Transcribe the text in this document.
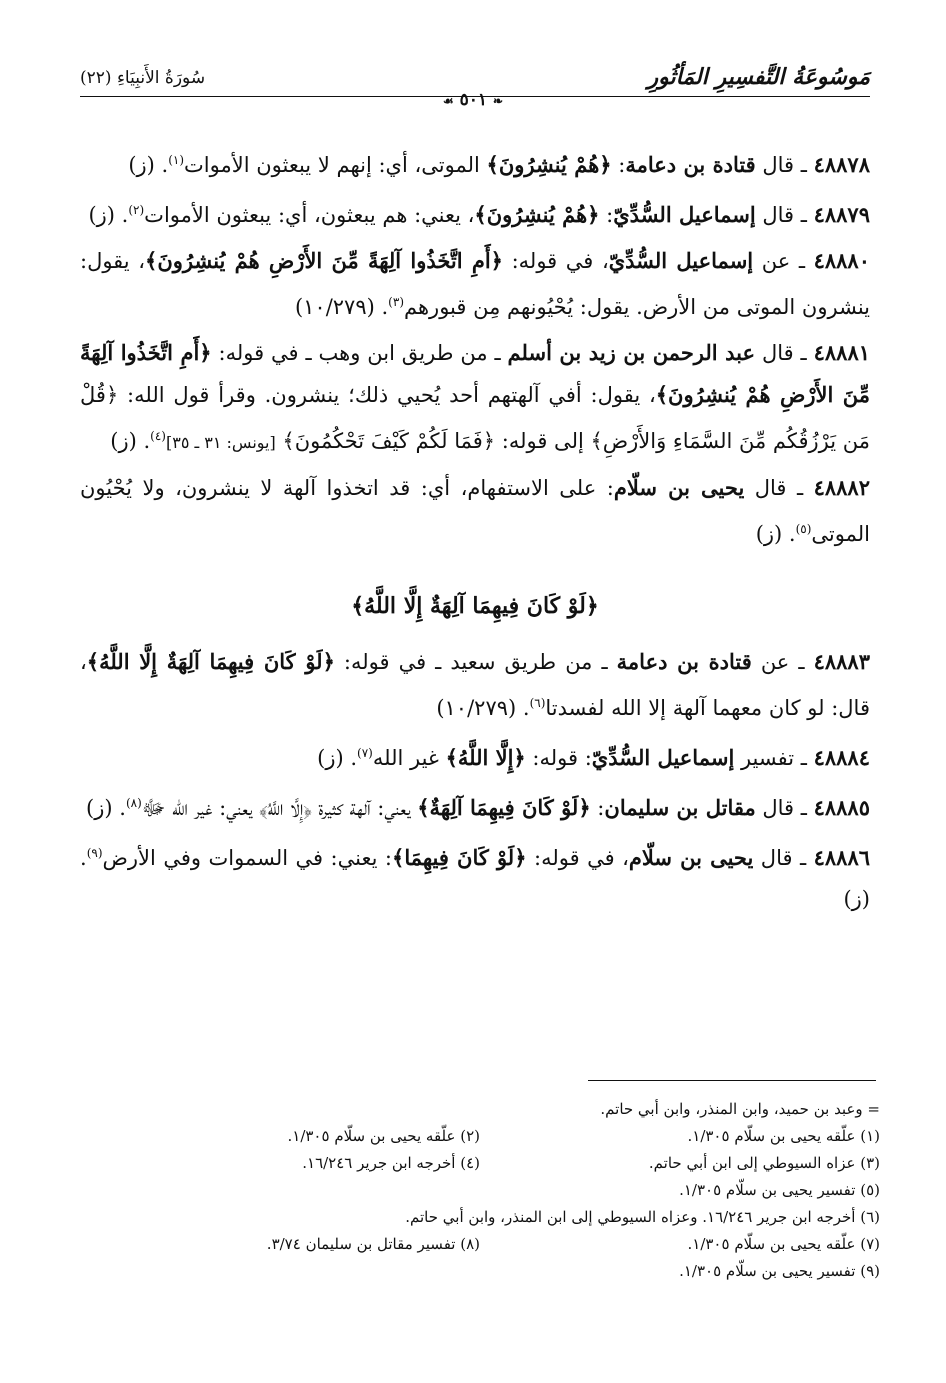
مَوسُوعَةُ التَّفسِيرِ المَأثُورِ
سُورَةُ الأَنبِيَاءِ (٢٢)
❧٥٠١☙

٤٨٨٧٨ ـ قال قتادة بن دعامة: ﴿هُمْ يُنشِرُونَ﴾ الموتى، أي: إنهم لا يبعثون الأموات$^{(١)}$. (ز)

٤٨٨٧٩ ـ قال إسماعيل السُّدِّيّ: ﴿هُمْ يُنشِرُونَ﴾، يعني: هم يبعثون، أي: يبعثون الأموات$^{(٢)}$. (ز)

٤٨٨٨٠ ـ عن إسماعيل السُّدِّيّ، في قوله: ﴿أَمِ اتَّخَذُوا آلِهَةً مِّنَ الأَرْضِ هُمْ يُنشِرُونَ﴾، يقول: ينشرون الموتى من الأرض. يقول: يُحْيُونهم مِن قبورهم$^{(٣)}$. (١٠/٢٧٩)

٤٨٨٨١ ـ قال عبد الرحمن بن زيد بن أسلم ـ من طريق ابن وهب ـ في قوله: ﴿أَمِ اتَّخَذُوا آلِهَةً مِّنَ الأَرْضِ هُمْ يُنشِرُونَ﴾، يقول: أفي آلهتهم أحد يُحيي ذلك؛ ينشرون. وقرأ قول الله: ﴿قُلْ مَن يَرْزُقُكُم مِّنَ السَّمَاءِ وَالأَرْضِ﴾ إلى قوله: ﴿فَمَا لَكُمْ كَيْفَ تَحْكُمُونَ﴾ [يونس: ٣١ ـ ٣٥]$^{(٤)}$. (ز)

٤٨٨٨٢ ـ قال يحيى بن سلّام: على الاستفهام، أي: قد اتخذوا آلهة لا ينشرون، ولا يُحْيُون الموتى$^{(٥)}$. (ز)

﴿لَوْ كَانَ فِيهِمَا آلِهَةٌ إِلَّا اللَّهُ﴾

٤٨٨٨٣ ـ عن قتادة بن دعامة ـ من طريق سعيد ـ في قوله: ﴿لَوْ كَانَ فِيهِمَا آلِهَةٌ إِلَّا اللَّهُ﴾، قال: لو كان معهما آلهة إلا الله لفسدتا$^{(٦)}$. (١٠/٢٧٩)

٤٨٨٨٤ ـ تفسير إسماعيل السُّدِّيّ: قوله: ﴿إِلَّا اللَّهُ﴾ غير الله$^{(٧)}$. (ز)

٤٨٨٨٥ ـ قال مقاتل بن سليمان: ﴿لَوْ كَانَ فِيهِمَا آلِهَةٌ﴾ يعني: آلهة كثيرة ﴿إِلَّا اللَّهُ﴾ يعني: غير الله ﷻ$^{(٨)}$. (ز)

٤٨٨٨٦ ـ قال يحيى بن سلّام، في قوله: ﴿لَوْ كَانَ فِيهِمَا﴾: يعني: في السموات وفي الأرض$^{(٩)}$. (ز)

= وعبد بن حميد، وابن المنذر، وابن أبي حاتم.
(١) علّقه يحيى بن سلّام ١/٣٠٥.
(٢) علّقه يحيى بن سلّام ١/٣٠٥.
(٣) عزاه السيوطي إلى ابن أبي حاتم.
(٤) أخرجه ابن جرير ١٦/٢٤٦.
(٥) تفسير يحيى بن سلّام ١/٣٠٥.
(٦) أخرجه ابن جرير ١٦/٢٤٦. وعزاه السيوطي إلى ابن المنذر، وابن أبي حاتم.
(٧) علّقه يحيى بن سلّام ١/٣٠٥.
(٨) تفسير مقاتل بن سليمان ٣/٧٤.
(٩) تفسير يحيى بن سلّام ١/٣٠٥.
